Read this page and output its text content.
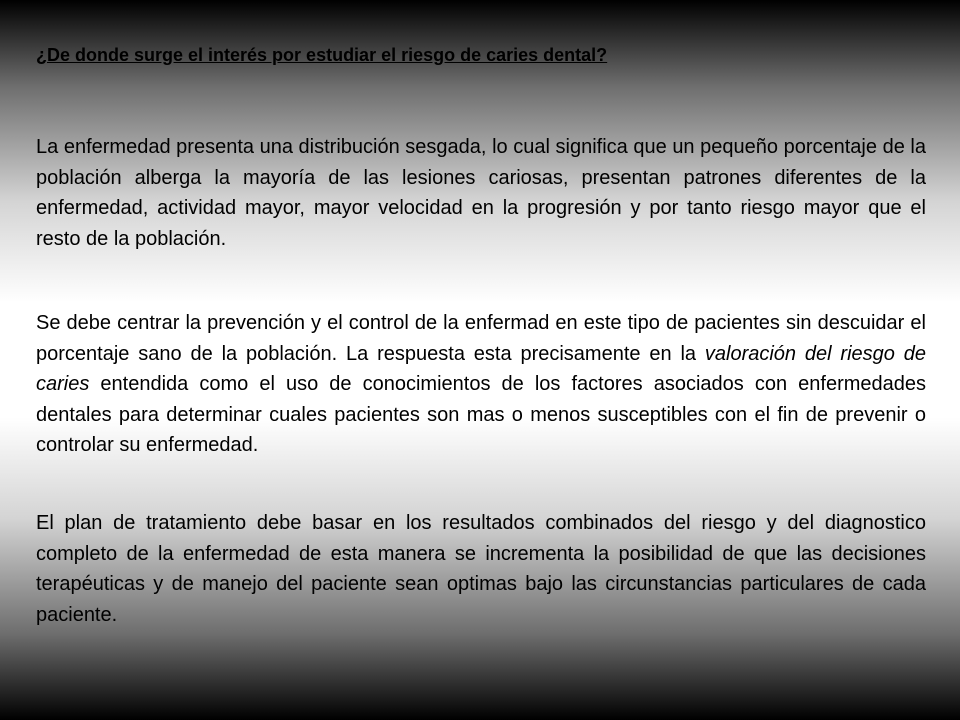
¿De donde surge el interés por estudiar el riesgo de caries dental?

La enfermedad presenta una distribución sesgada, lo cual significa que un pequeño porcentaje de la población alberga la mayoría de las lesiones cariosas, presentan patrones diferentes de la enfermedad, actividad mayor, mayor velocidad en la progresión y por tanto riesgo mayor que el resto de la población.

Se debe centrar la prevención y el control de la enfermad en este tipo de pacientes sin descuidar el porcentaje sano de la población. La respuesta esta precisamente en la valoración del riesgo de caries entendida como el uso de conocimientos de los factores asociados con enfermedades dentales para determinar cuales pacientes son mas o menos susceptibles con el fin de prevenir o controlar su enfermedad.

El plan de tratamiento debe basar en los resultados combinados del riesgo y del diagnostico completo de la enfermedad de esta manera se incrementa la posibilidad de que las decisiones terapéuticas y de manejo del paciente sean optimas bajo las circunstancias particulares de cada paciente.
